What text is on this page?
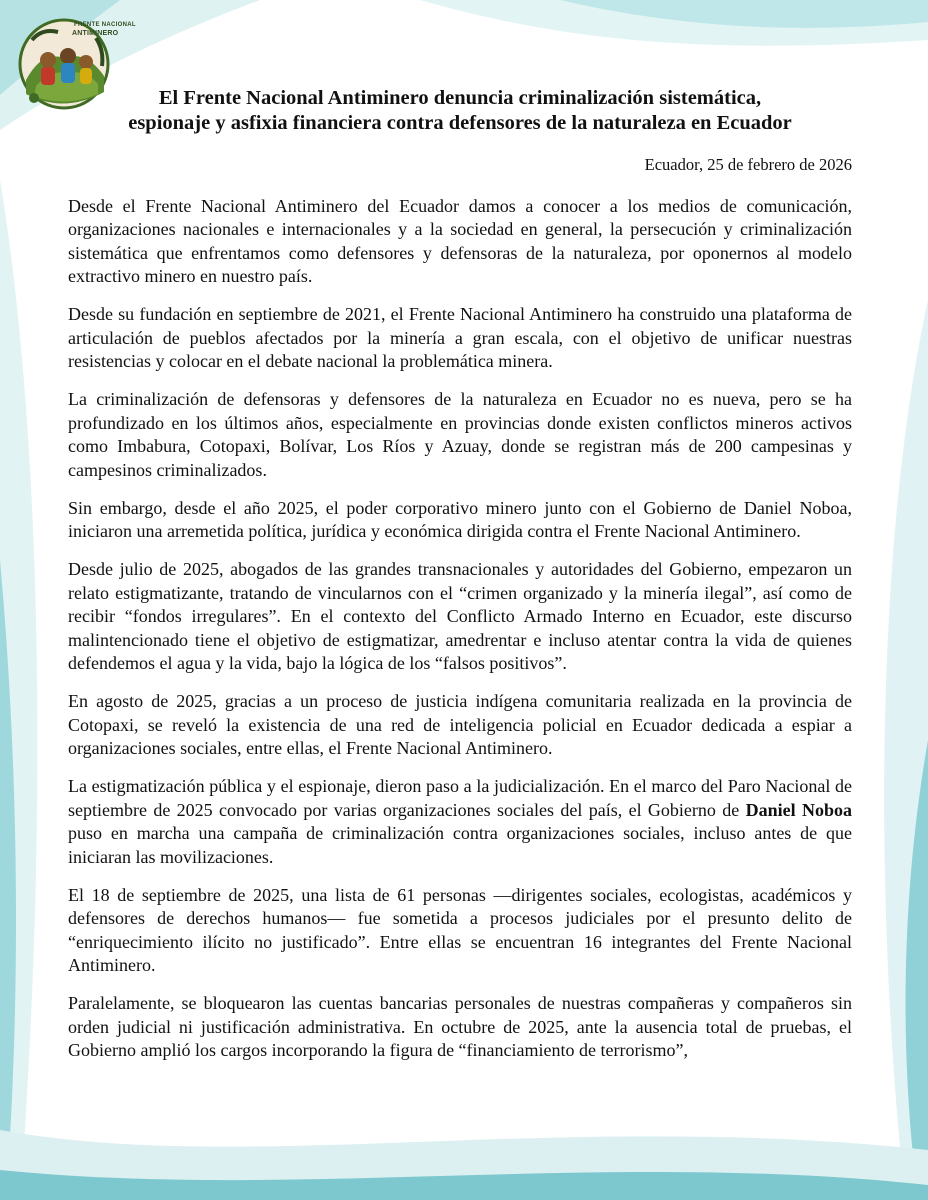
FRENTE NACIONAL
ANTIMINERO
El Frente Nacional Antiminero denuncia criminalización sistemática,
espionaje y asfixia financiera contra defensores de la naturaleza en Ecuador
Ecuador, 25 de febrero de 2026

Desde el Frente Nacional Antiminero del Ecuador damos a conocer a los medios de comunicación, organizaciones nacionales e internacionales y a la sociedad en general, la persecución y criminalización sistemática que enfrentamos como defensores y defensoras de la naturaleza, por oponernos al modelo extractivo minero en nuestro país.

Desde su fundación en septiembre de 2021, el Frente Nacional Antiminero ha construido una plataforma de articulación de pueblos afectados por la minería a gran escala, con el objetivo de unificar nuestras resistencias y colocar en el debate nacional la problemática minera.

La criminalización de defensoras y defensores de la naturaleza en Ecuador no es nueva, pero se ha profundizado en los últimos años, especialmente en provincias donde existen conflictos mineros activos como Imbabura, Cotopaxi, Bolívar, Los Ríos y Azuay, donde se registran más de 200 campesinas y campesinos criminalizados.

Sin embargo, desde el año 2025, el poder corporativo minero junto con el Gobierno de Daniel Noboa, iniciaron una arremetida política, jurídica y económica dirigida contra el Frente Nacional Antiminero.

Desde julio de 2025, abogados de las grandes transnacionales y autoridades del Gobierno, empezaron un relato estigmatizante, tratando de vincularnos con el “crimen organizado y la minería ilegal”, así como de recibir “fondos irregulares”. En el contexto del Conflicto Armado Interno en Ecuador, este discurso malintencionado tiene el objetivo de estigmatizar, amedrentar e incluso atentar contra la vida de quienes defendemos el agua y la vida, bajo la lógica de los “falsos positivos”.

En agosto de 2025, gracias a un proceso de justicia indígena comunitaria realizada en la provincia de Cotopaxi, se reveló la existencia de una red de inteligencia policial en Ecuador dedicada a espiar a organizaciones sociales, entre ellas, el Frente Nacional Antiminero.

La estigmatización pública y el espionaje, dieron paso a la judicialización. En el marco del Paro Nacional de septiembre de 2025 convocado por varias organizaciones sociales del país, el Gobierno de Daniel Noboa puso en marcha una campaña de criminalización contra organizaciones sociales, incluso antes de que iniciaran las movilizaciones.

El 18 de septiembre de 2025, una lista de 61 personas —dirigentes sociales, ecologistas, académicos y defensores de derechos humanos— fue sometida a procesos judiciales por el presunto delito de “enriquecimiento ilícito no justificado”. Entre ellas se encuentran 16 integrantes del Frente Nacional Antiminero.

Paralelamente, se bloquearon las cuentas bancarias personales de nuestras compañeras y compañeros sin orden judicial ni justificación administrativa. En octubre de 2025, ante la ausencia total de pruebas, el Gobierno amplió los cargos incorporando la figura de “financiamiento de terrorismo”,
